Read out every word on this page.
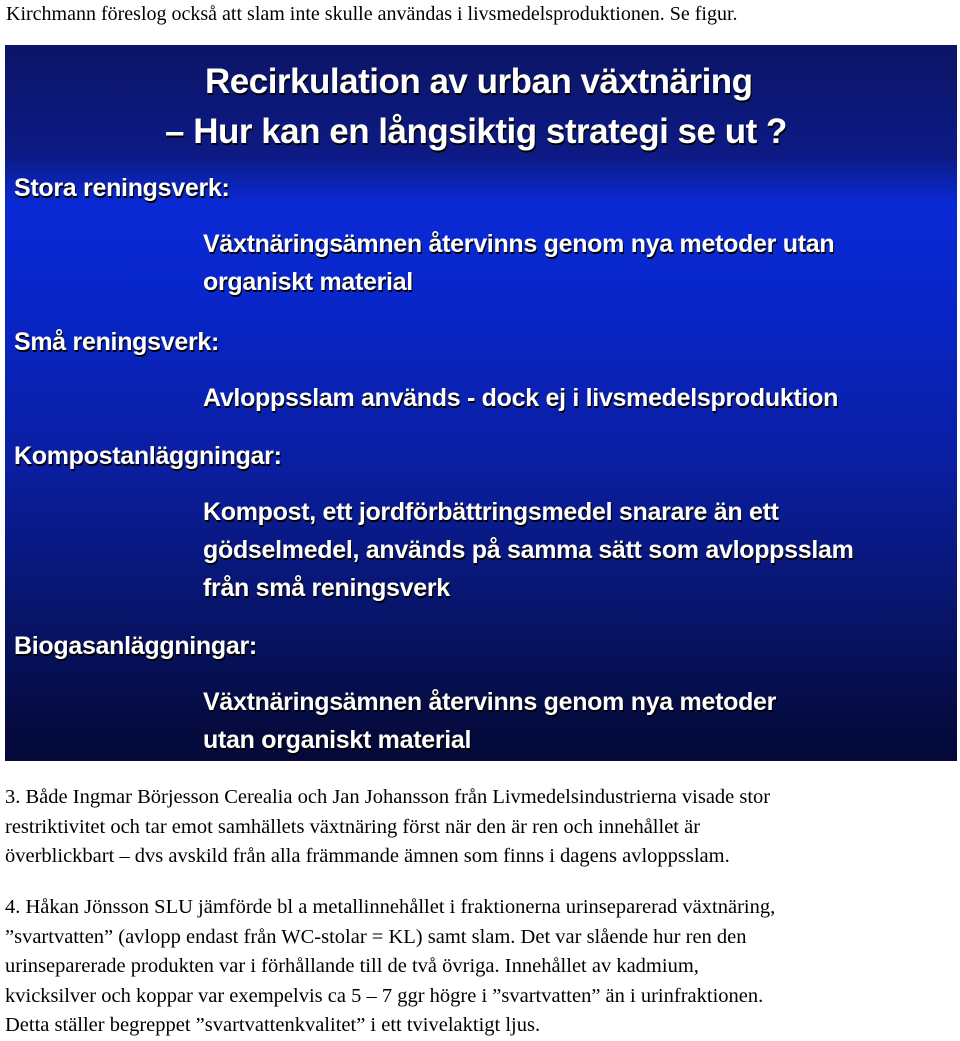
Kirchmann föreslog också att slam inte skulle användas i livsmedelsproduktionen. Se figur.

Recirkulation av urban växtnäring
– Hur kan en långsiktig strategi se ut ?
Stora reningsverk:
Växtnäringsämnen återvinns genom nya metoder utan
organiskt material
Små reningsverk:
Avloppsslam används - dock ej i livsmedelsproduktion
Kompostanläggningar:
Kompost, ett jordförbättringsmedel snarare än ett
gödselmedel, används på samma sätt som avloppsslam
från små reningsverk
Biogasanläggningar:
Växtnäringsämnen återvinns genom nya metoder
utan organiskt material
3. Både Ingmar Börjesson Cerealia och Jan Johansson från Livmedelsindustrierna visade stor
restriktivitet och tar emot samhällets växtnäring först när den är ren och innehållet är
överblickbart – dvs avskild från alla främmande ämnen som finns i dagens avloppsslam.
4. Håkan Jönsson SLU jämförde bl a metallinnehållet i fraktionerna urinseparerad växtnäring,
”svartvatten” (avlopp endast från WC-stolar = KL) samt slam. Det var slående hur ren den
urinseparerade produkten var i förhållande till de två övriga. Innehållet av kadmium,
kvicksilver och koppar var exempelvis ca 5 – 7 ggr högre i ”svartvatten” än i urinfraktionen.
Detta ställer begreppet ”svartvattenkvalitet” i ett tvivelaktigt ljus.
